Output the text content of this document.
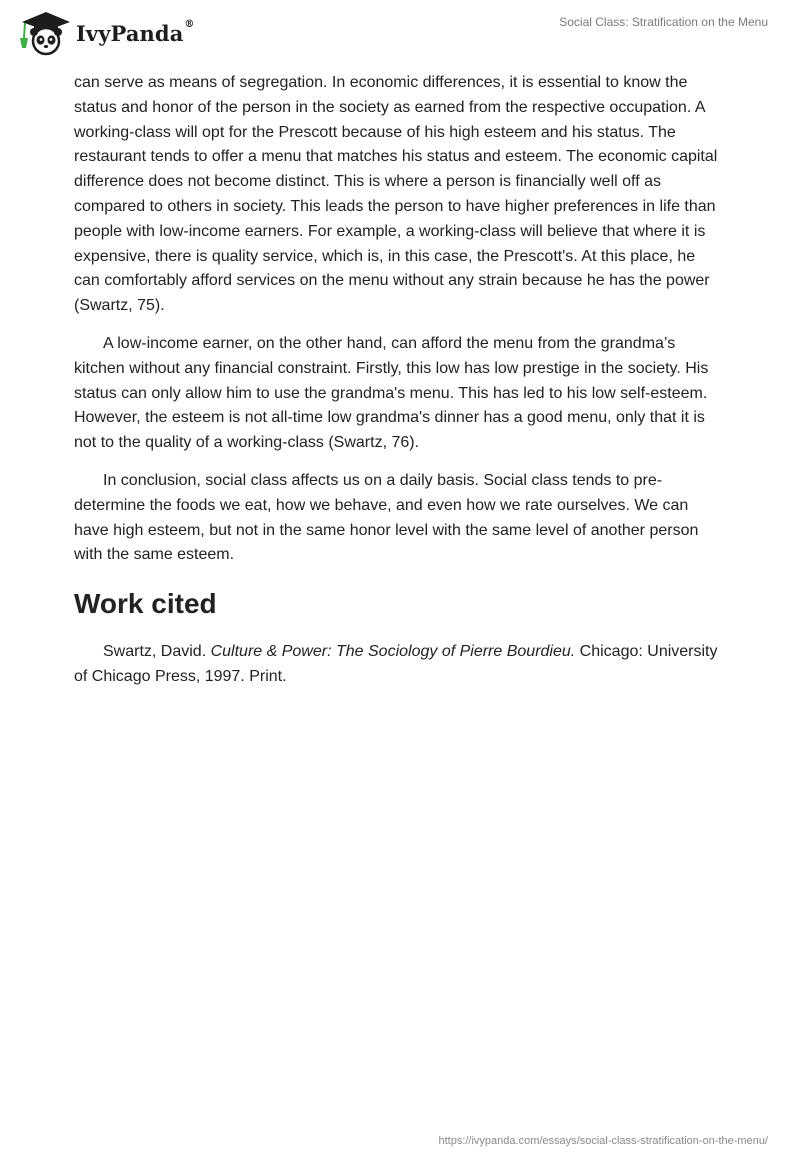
IvyPanda®	Social Class: Stratification on the Menu

can serve as means of segregation. In economic differences, it is essential to know the status and honor of the person in the society as earned from the respective occupation. A working-class will opt for the Prescott because of his high esteem and his status. The restaurant tends to offer a menu that matches his status and esteem. The economic capital difference does not become distinct. This is where a person is financially well off as compared to others in society. This leads the person to have higher preferences in life than people with low-income earners. For example, a working-class will believe that where it is expensive, there is quality service, which is, in this case, the Prescott's. At this place, he can comfortably afford services on the menu without any strain because he has the power (Swartz, 75).

A low-income earner, on the other hand, can afford the menu from the grandma’s kitchen without any financial constraint. Firstly, this low has low prestige in the society. His status can only allow him to use the grandma's menu. This has led to his low self-esteem. However, the esteem is not all-time low grandma's dinner has a good menu, only that it is not to the quality of a working-class (Swartz, 76).

In conclusion, social class affects us on a daily basis. Social class tends to pre-determine the foods we eat, how we behave, and even how we rate ourselves. We can have high esteem, but not in the same honor level with the same level of another person with the same esteem.

Work cited

Swartz, David. Culture & Power: The Sociology of Pierre Bourdieu. Chicago: University of Chicago Press, 1997. Print.

https://ivypanda.com/essays/social-class-stratification-on-the-menu/
